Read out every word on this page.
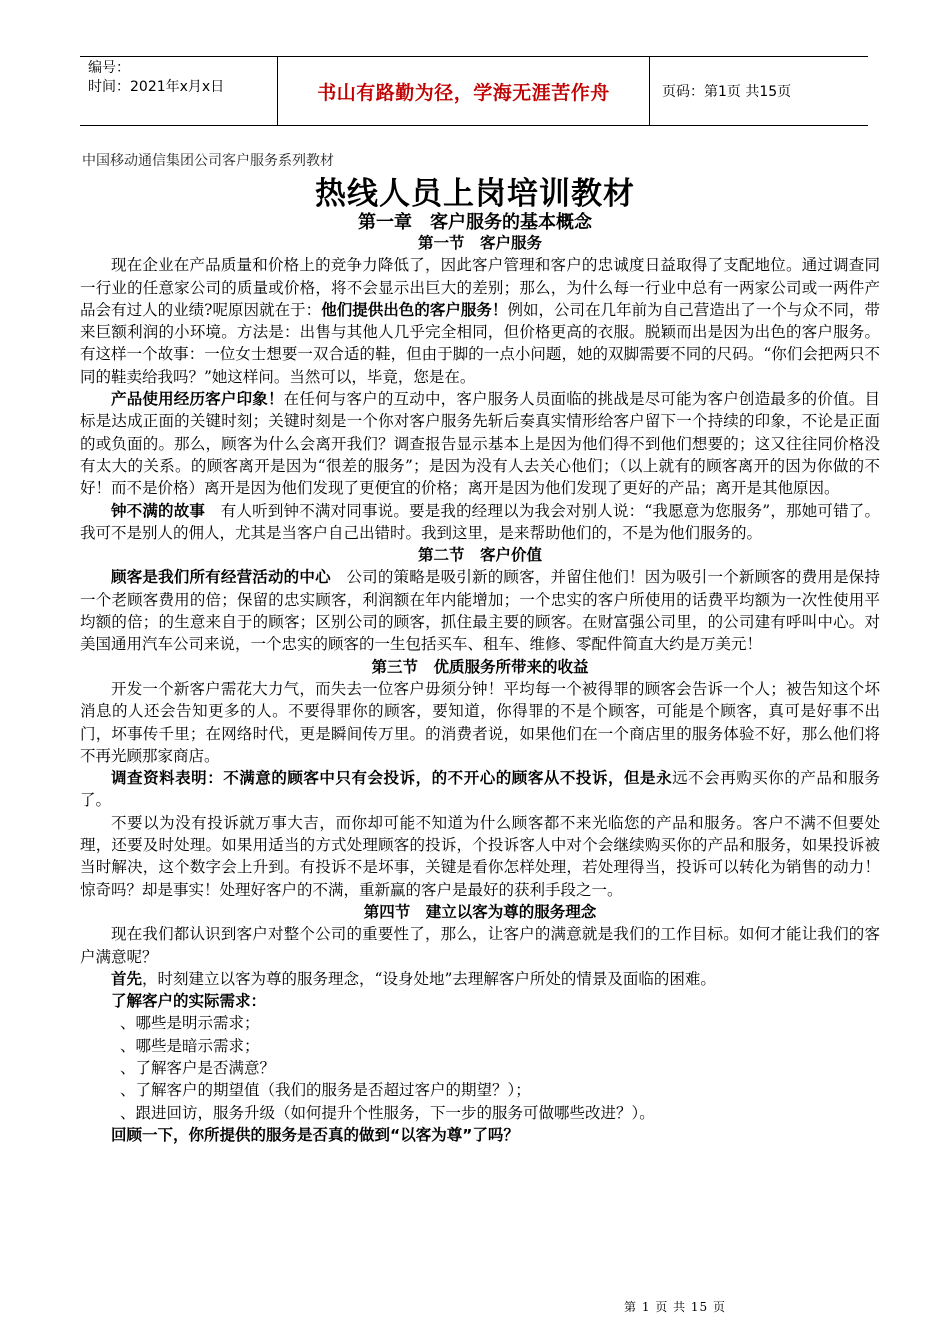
编号：
时间：2021年x月x日	书山有路勤为径，学海无涯苦作舟	页码：第1页 共15页
中国移动通信集团公司客户服务系列教材
热线人员上岗培训教材
第一章　客户服务的基本概念

第一节　客户服务

现在企业在产品质量和价格上的竞争力降低了，因此客户管理和客户的忠诚度日益取得了支配地位。通过调查同一行业的任意家公司的质量或价格，将不会显示出巨大的差别；那么，为什么每一行业中总有一两家公司或一两件产品会有过人的业绩?呢原因就在于：他们提供出色的客户服务！例如，公司在几年前为自己营造出了一个与众不同，带来巨额利润的小环境。方法是：出售与其他人几乎完全相同，但价格更高的衣服。脱颖而出是因为出色的客户服务。有这样一个故事：一位女士想要一双合适的鞋，但由于脚的一点小问题，她的双脚需要不同的尺码。“你们会把两只不同的鞋卖给我吗？”她这样问。当然可以，毕竟，您是在。

产品使用经历客户印象！在任何与客户的互动中，客户服务人员面临的挑战是尽可能为客户创造最多的价值。目标是达成正面的关键时刻；关键时刻是一个你对客户服务先斩后奏真实情形给客户留下一个持续的印象，不论是正面的或负面的。那么，顾客为什么会离开我们？调查报告显示基本上是因为他们得不到他们想要的；这又往往同价格没有太大的关系。的顾客离开是因为“很差的服务”；是因为没有人去关心他们；（以上就有的顾客离开的因为你做的不好！而不是价格）离开是因为他们发现了更便宜的价格；离开是因为他们发现了更好的产品；离开是其他原因。

钟不满的故事　有人听到钟不满对同事说。要是我的经理以为我会对别人说：“我愿意为您服务”，那她可错了。我可不是别人的佣人，尤其是当客户自己出错时。我到这里，是来帮助他们的，不是为他们服务的。

第二节　客户价值

顾客是我们所有经营活动的中心　公司的策略是吸引新的顾客，并留住他们！因为吸引一个新顾客的费用是保持一个老顾客费用的倍；保留的忠实顾客，利润额在年内能增加；一个忠实的客户所使用的话费平均额为一次性使用平均额的倍；的生意来自于的顾客；区别公司的顾客，抓住最主要的顾客。在财富强公司里，的公司建有呼叫中心。对美国通用汽车公司来说，一个忠实的顾客的一生包括买车、租车、维修、零配件简直大约是万美元！

第三节　优质服务所带来的收益

开发一个新客户需花大力气，而失去一位客户毋须分钟！平均每一个被得罪的顾客会告诉一个人；被告知这个坏消息的人还会告知更多的人。不要得罪你的顾客，要知道，你得罪的不是个顾客，可能是个顾客，真可是好事不出门，坏事传千里；在网络时代，更是瞬间传万里。的消费者说，如果他们在一个商店里的服务体验不好，那么他们将不再光顾那家商店。

调查资料表明：不满意的顾客中只有会投诉，的不开心的顾客从不投诉，但是永远不会再购买你的产品和服务了。

不要以为没有投诉就万事大吉，而你却可能不知道为什么顾客都不来光临您的产品和服务。客户不满不但要处理，还要及时处理。如果用适当的方式处理顾客的投诉，个投诉客人中对个会继续购买你的产品和服务，如果投诉被当时解决，这个数字会上升到。有投诉不是坏事，关键是看你怎样处理，若处理得当，投诉可以转化为销售的动力！惊奇吗？却是事实！处理好客户的不满，重新赢的客户是最好的获利手段之一。

第四节　建立以客为尊的服务理念

现在我们都认识到客户对整个公司的重要性了，那么，让客户的满意就是我们的工作目标。如何才能让我们的客户满意呢？

首先，时刻建立以客为尊的服务理念，“设身处地”去理解客户所处的情景及面临的困难。

了解客户的实际需求：

、哪些是明示需求；

、哪些是暗示需求；

、了解客户是否满意？

、了解客户的期望值（我们的服务是否超过客户的期望？）；

、跟进回访，服务升级（如何提升个性服务，下一步的服务可做哪些改进？）。

回顾一下，你所提供的服务是否真的做到“以客为尊”了吗？

第 1 页 共 15 页
